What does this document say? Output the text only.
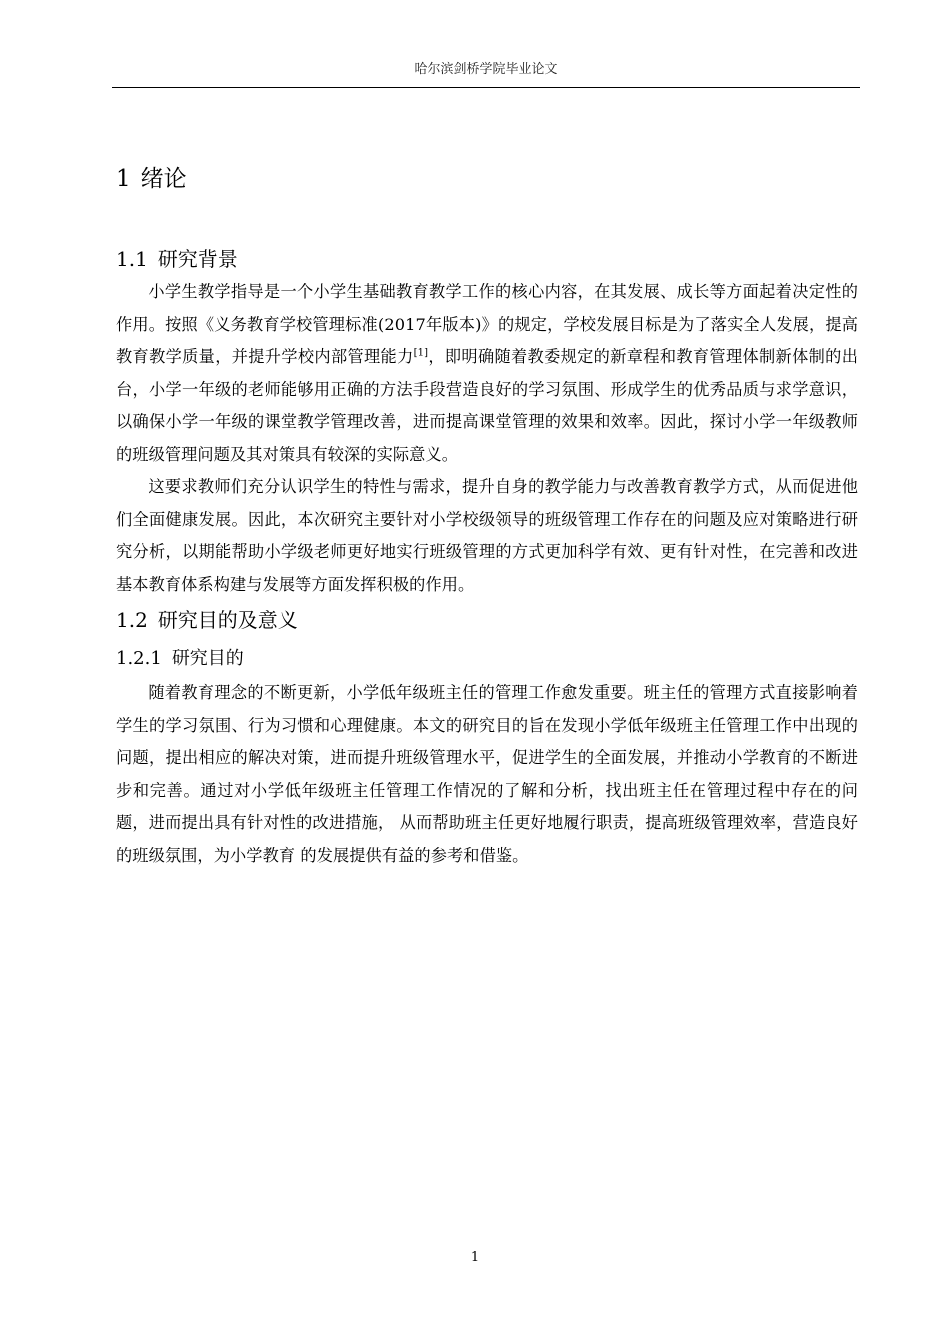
哈尔滨剑桥学院毕业论文
1 绪论
1.1 研究背景

小学生教学指导是一个小学生基础教育教学工作的核心内容，在其发展、成长等方面起着决定性的作用。按照《义务教育学校管理标准(2017年版本)》的规定，学校发展目标是为了落实全人发展，提高教育教学质量，并提升学校内部管理能力[1]，即明确随着教委规定的新章程和教育管理体制新体制的出台，小学一年级的老师能够用正确的方法手段营造良好的学习氛围、形成学生的优秀品质与求学意识，以确保小学一年级的课堂教学管理改善，进而提高课堂管理的效果和效率。因此，探讨小学一年级教师的班级管理问题及其对策具有较深的实际意义。

这要求教师们充分认识学生的特性与需求，提升自身的教学能力与改善教育教学方式，从而促进他们全面健康发展。因此，本次研究主要针对小学校级领导的班级管理工作存在的问题及应对策略进行研究分析，以期能帮助小学级老师更好地实行班级管理的方式更加科学有效、更有针对性，在完善和改进基本教育体系构建与发展等方面发挥积极的作用。

1.2 研究目的及意义
1.2.1 研究目的

随着教育理念的不断更新，小学低年级班主任的管理工作愈发重要。班主任的管理方式直接影响着学生的学习氛围、行为习惯和心理健康。本文的研究目的旨在发现小学低年级班主任管理工作中出现的问题，提出相应的解决对策，进而提升班级管理水平，促进学生的全面发展，并推动小学教育的不断进步和完善。通过对小学低年级班主任管理工作情况的了解和分析，找出班主任在管理过程中存在的问题，进而提出具有针对性的改进措施， 从而帮助班主任更好地履行职责，提高班级管理效率，营造良好的班级氛围，为小学教育 的发展提供有益的参考和借鉴。

1
